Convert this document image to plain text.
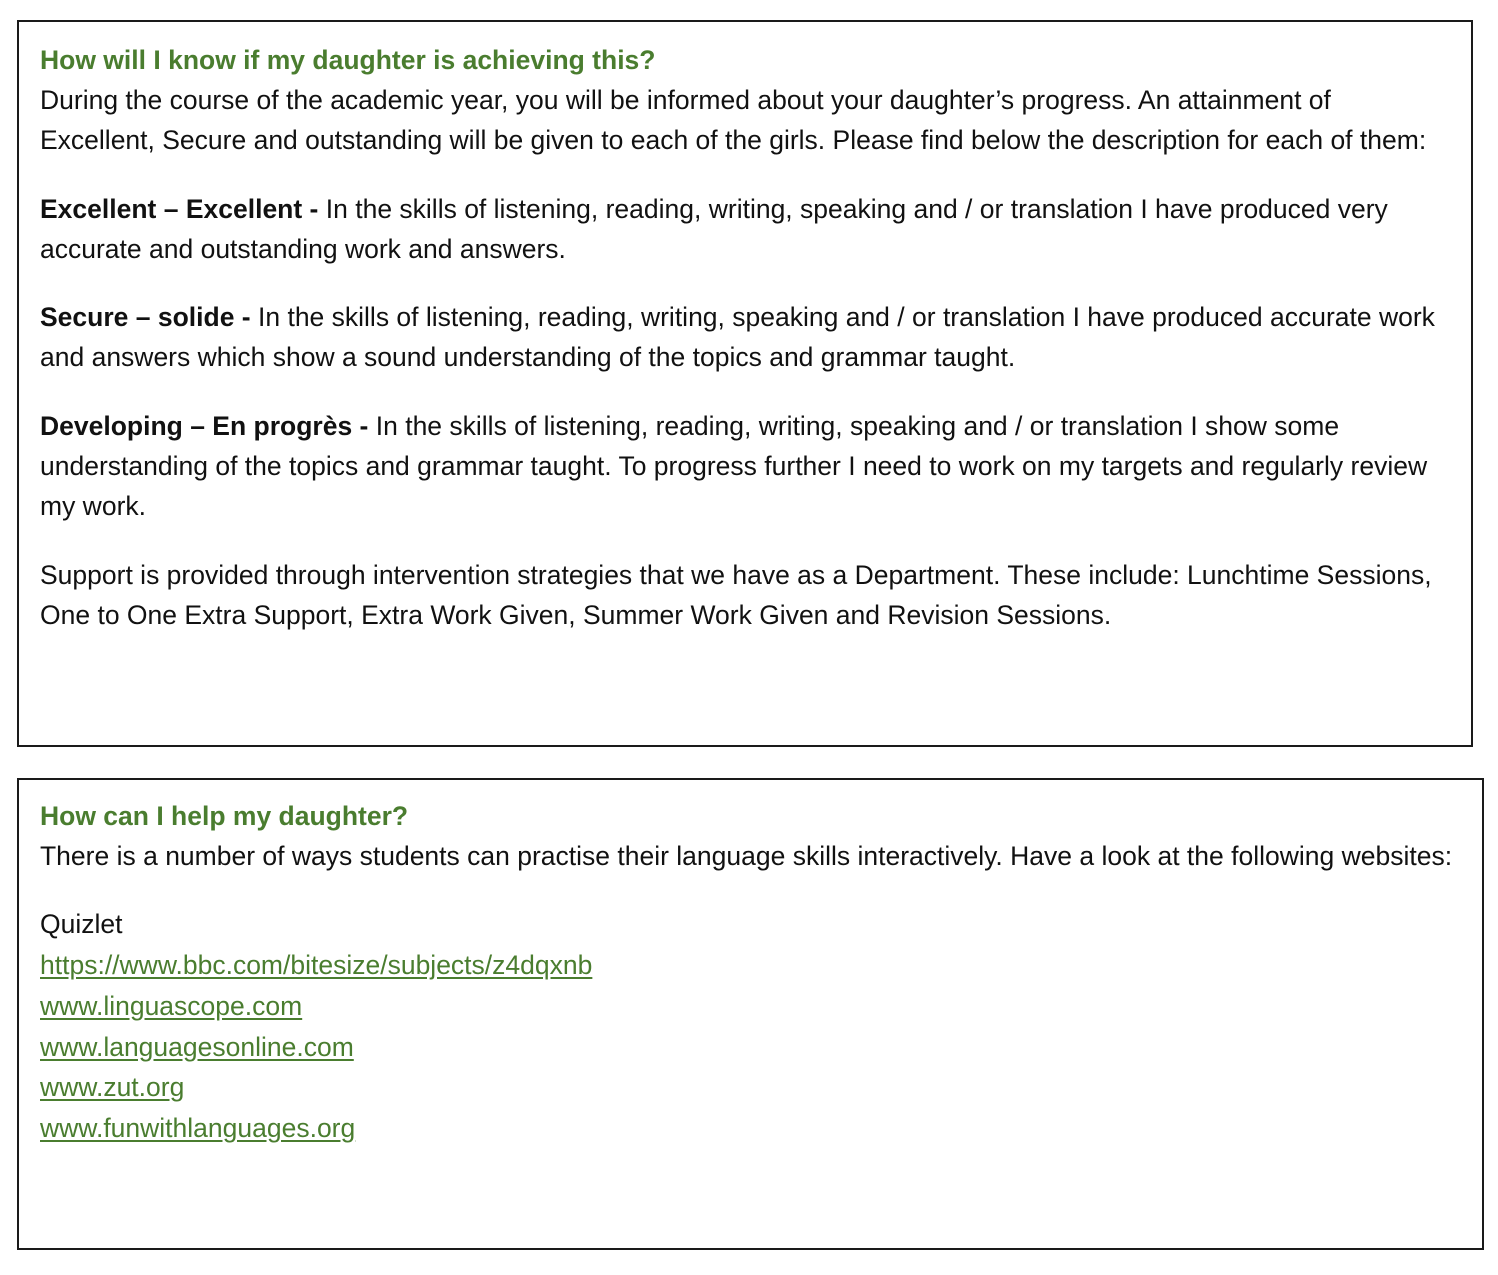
How will I know if my daughter is achieving this?

During the course of the academic year, you will be informed about your daughter’s progress. An attainment of Excellent, Secure and outstanding will be given to each of the girls. Please find below the description for each of them:

Excellent – Excellent - In the skills of listening, reading, writing, speaking and / or translation I have produced very accurate and outstanding work and answers.

Secure – solide - In the skills of listening, reading, writing, speaking and / or translation I have produced accurate work and answers which show a sound understanding of the topics and grammar taught.

Developing – En progrès - In the skills of listening, reading, writing, speaking and / or translation I show some understanding of the topics and grammar taught. To progress further I need to work on my targets and regularly review my work.

Support is provided through intervention strategies that we have as a Department. These include: Lunchtime Sessions, One to One Extra Support, Extra Work Given, Summer Work Given and Revision Sessions.

How can I help my daughter?

There is a number of ways students can practise their language skills interactively. Have a look at the following websites:

Quizlet
https://www.bbc.com/bitesize/subjects/z4dqxnb
www.linguascope.com
www.languagesonline.com
www.zut.org
www.funwithlanguages.org
